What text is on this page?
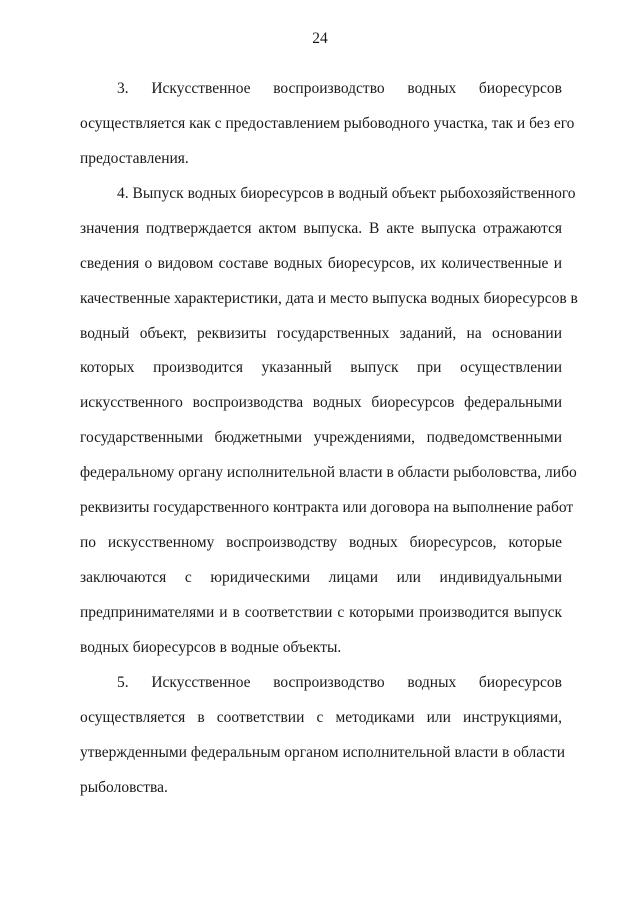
24
3. Искусственное воспроизводство водных биоресурсов
осуществляется как с предоставлением рыбоводного участка, так и без его
предоставления.
4. Выпуск водных биоресурсов в водный объект рыбохозяйственного
значения подтверждается актом выпуска. В акте выпуска отражаются
сведения о видовом составе водных биоресурсов, их количественные и
качественные характеристики, дата и место выпуска водных биоресурсов в
водный объект, реквизиты государственных заданий, на основании
которых производится указанный выпуск при осуществлении
искусственного воспроизводства водных биоресурсов федеральными
государственными бюджетными учреждениями, подведомственными
федеральному органу исполнительной власти в области рыболовства, либо
реквизиты государственного контракта или договора на выполнение работ
по искусственному воспроизводству водных биоресурсов, которые
заключаются с юридическими лицами или индивидуальными
предпринимателями и в соответствии с которыми производится выпуск
водных биоресурсов в водные объекты.
5. Искусственное воспроизводство водных биоресурсов
осуществляется в соответствии с методиками или инструкциями,
утвержденными федеральным органом исполнительной власти в области
рыболовства.
